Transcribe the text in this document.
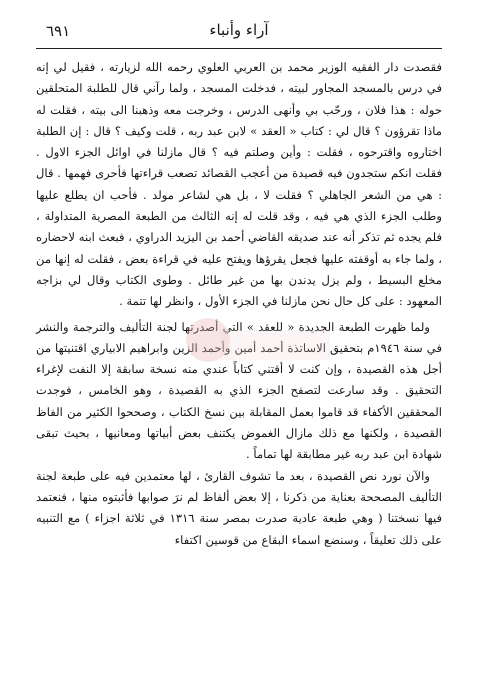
٦٩١	آراء وأنباء

فقصدت دار الفقيه الوزير محمد بن العربي العلوي رحمه الله لزيارته ، فقيل لي إنه في درس بالمسجد المجاور لبيته ، فدخلت المسجد ، ولما رآني قال للطلبة المتحلقين حوله : هذا فلان ، ورحّب بي وأنهى الدرس ، وخرجت معه وذهبنا الى بيته ، فقلت له ماذا تقرؤون ؟ قال لي : كتاب « العقد » لابن عبد ربه ، قلت وكيف ؟ قال : إن الطلبة اختاروه واقترحوه ، فقلت : وأين وصلتم فيه ؟ قال مازلنا في اوائل الجزء الاول . فقلت انكم ستجدون فيه قصيدة من أعجب القصائد تصعب قراءتها فأحرى فهمها . قال : هي من الشعر الجاهلي ؟ فقلت لا ، بل هي لشاعر مولد . فأحب ان يطلع عليها وطلب الجزء الذي هي فيه ، وقد قلت له إنه الثالث من الطبعة المصرية المتداولة ، فلم يجده ثم تذكر أنه عند صديقه القاضي أحمد بن اليزيد الدراوي ، فبعث ابنه لاحضاره ، ولما جاء به أوقفته عليها فجعل يقرؤها ويفتح عليه في قراءة بعض ، فقلت له إنها من مخلع البسيط ، ولم يزل يدندن بها من غير طائل . وطوى الكتاب وقال لي بزاجه المعهود : على كل حال نحن مازلنا في الجزء الأول ، وانظر لها تتمة .

ولما ظهرت الطبعة الجديدة « للعقد » التي أصدرتها لجنة التأليف والترجمة والنشر في سنة ١٩٤٦م بتحقيق الاساتذة أحمد أمين وأحمد الزين وابراهيم الابياري اقتنيتها من أجل هذه القصيدة ، وإن كنت لا أقتني كتاباً عندي منه نسخة سابقة إلا النفت لإغراء التحقيق . وقد سارعت لتصفح الجزء الذي به القصيدة ، وهو الخامس ، فوجدت المحققين الأكفاء قد قاموا بعمل المقابلة بين نسخ الكتاب ، وصححوا الكثير من الفاظ القصيدة ، ولكنها مع ذلك مازال الغموض يكتنف بعض أبياتها ومعانيها ، بحيث تبقى شهادة ابن عبد ربه غير مطابقة لها تماماً .

والآن نورد نص القصيدة ، بعد ما تشوف القارئ ، لها معتمدين فيه على طبعة لجنة التأليف المصححة بعناية من ذكرنا ، إلا بعض ألفاظ لم نرَ صوابها فأثبتوه منها ، فنعتمد فيها نسختنا ( وهي طبعة عادية صدرت بمصر سنة ١٣١٦ في ثلاثة اجزاء ) مع التنبيه على ذلك تعليقاً ، وسنضع اسماء البقاع من قوسين اكتفاء
